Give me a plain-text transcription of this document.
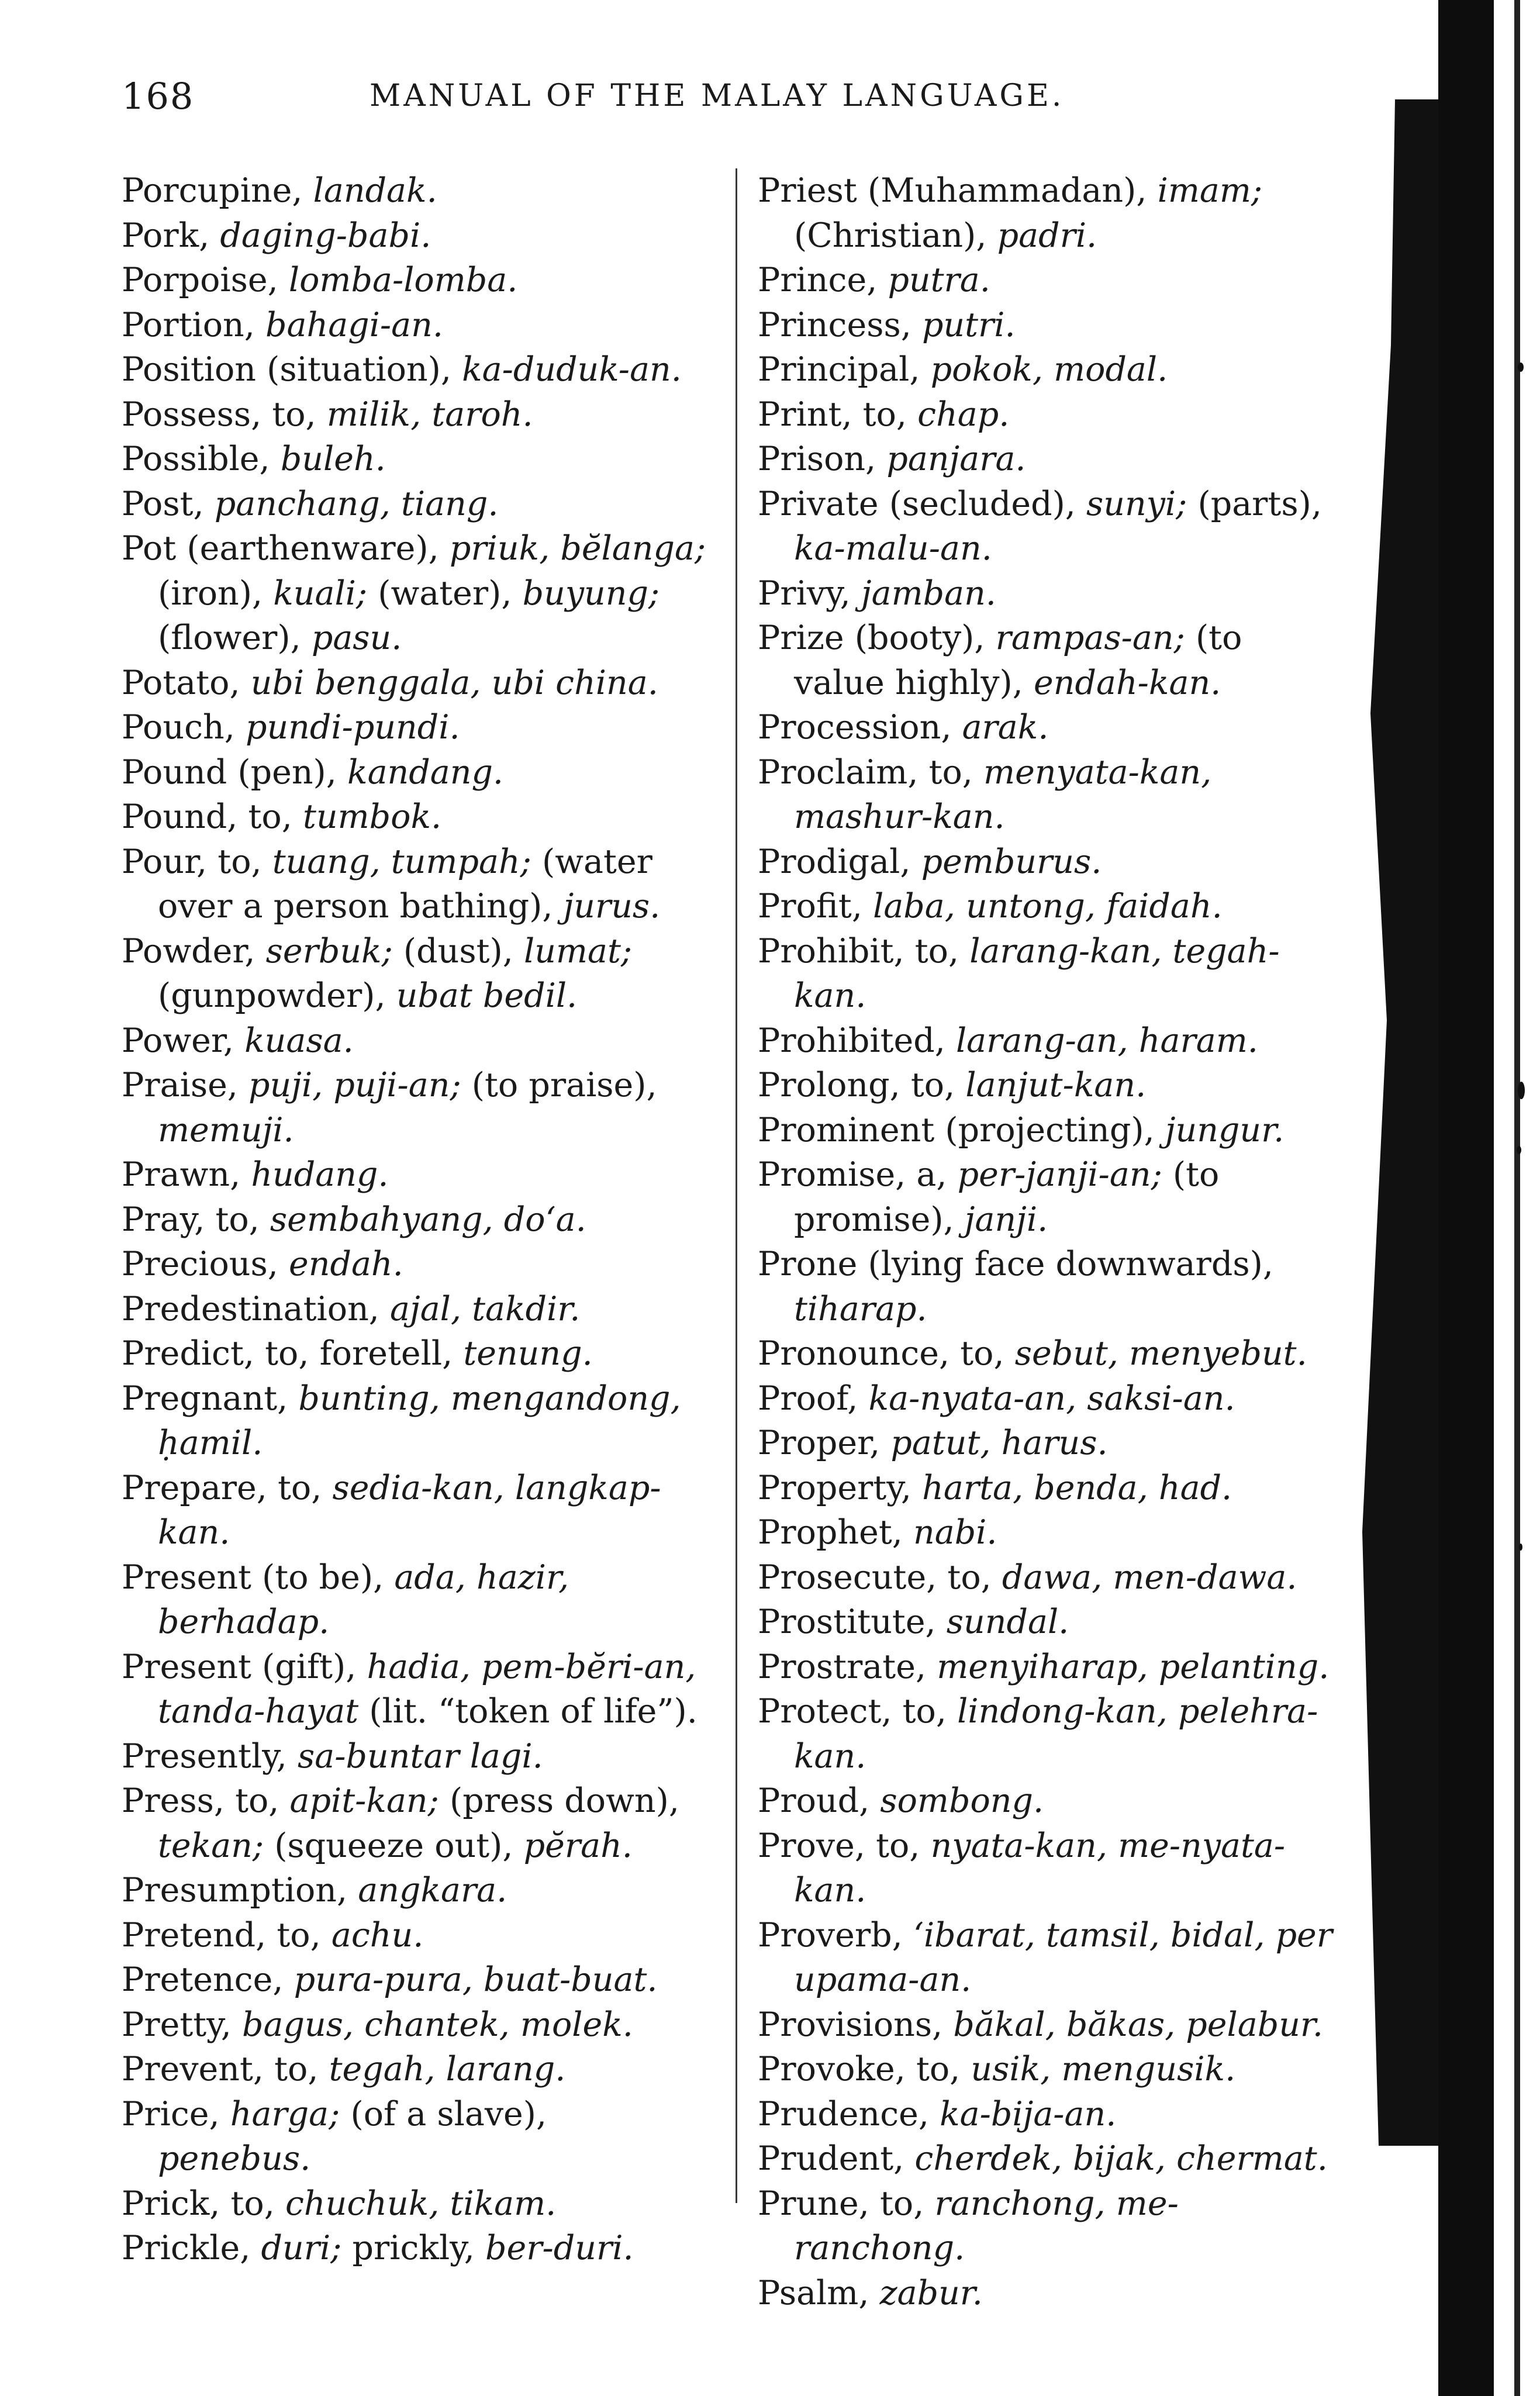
168	MANUAL OF THE MALAY LANGUAGE.

Porcupine, landak.

Pork, daging-babi.

Porpoise, lomba-lomba.

Portion, bahagi-an.

Position (situation), ka-duduk-an.

Possess, to, milik, taroh.

Possible, buleh.

Post, panchang, tiang.

Pot (earthenware), priuk, bĕlanga; (iron), kuali; (water), buyung; (flower), pasu.

Potato, ubi benggala, ubi china.

Pouch, pundi-pundi.

Pound (pen), kandang.

Pound, to, tumbok.

Pour, to, tuang, tumpah; (water over a person bathing), jurus.

Powder, serbuk; (dust), lumat; (gunpowder), ubat bedil.

Power, kuasa.

Praise, puji, puji-an; (to praise), memuji.

Prawn, hudang.

Pray, to, sembahyang, do‘a.

Precious, endah.

Predestination, ajal, takdir.

Predict, to, foretell, tenung.

Pregnant, bunting, mengandong, ḥamil.

Prepare, to, sedia-kan, langkap-kan.

Present (to be), ada, hazir, berhadap.

Present (gift), hadia, pem-bĕri-an, tanda-hayat (lit. “token of life”).

Presently, sa-buntar lagi.

Press, to, apit-kan; (press down), tekan; (squeeze out), pĕrah.

Presumption, angkara.

Pretend, to, achu.

Pretence, pura-pura, buat-buat.

Pretty, bagus, chantek, molek.

Prevent, to, tegah, larang.

Price, harga; (of a slave), penebus.

Prick, to, chuchuk, tikam.

Prickle, duri; prickly, ber-duri.

Priest (Muhammadan), imam; (Christian), padri.

Prince, putra.

Princess, putri.

Principal, pokok, modal.

Print, to, chap.

Prison, panjara.

Private (secluded), sunyi; (parts), ka-malu-an.

Privy, jamban.

Prize (booty), rampas-an; (to value highly), endah-kan.

Procession, arak.

Proclaim, to, menyata-kan, mashur-kan.

Prodigal, pemburus.

Profit, laba, untong, faidah.

Prohibit, to, larang-kan, tegah-kan.

Prohibited, larang-an, haram.

Prolong, to, lanjut-kan.

Prominent (projecting), jungur.

Promise, a, per-janji-an; (to promise), janji.

Prone (lying face downwards), tiharap.

Pronounce, to, sebut, menyebut.

Proof, ka-nyata-an, saksi-an.

Proper, patut, harus.

Property, harta, benda, had.

Prophet, nabi.

Prosecute, to, dawa, men-dawa.

Prostitute, sundal.

Prostrate, menyiharap, pelanting.

Protect, to, lindong-kan, pelehra-kan.

Proud, sombong.

Prove, to, nyata-kan, me-nyata-kan.

Proverb, ‘ibarat, tamsil, bidal, per upama-an.

Provisions, băkal, băkas, pelabur.

Provoke, to, usik, mengusik.

Prudence, ka-bija-an.

Prudent, cherdek, bijak, chermat.

Prune, to, ranchong, me-ranchong.

Psalm, zabur.
